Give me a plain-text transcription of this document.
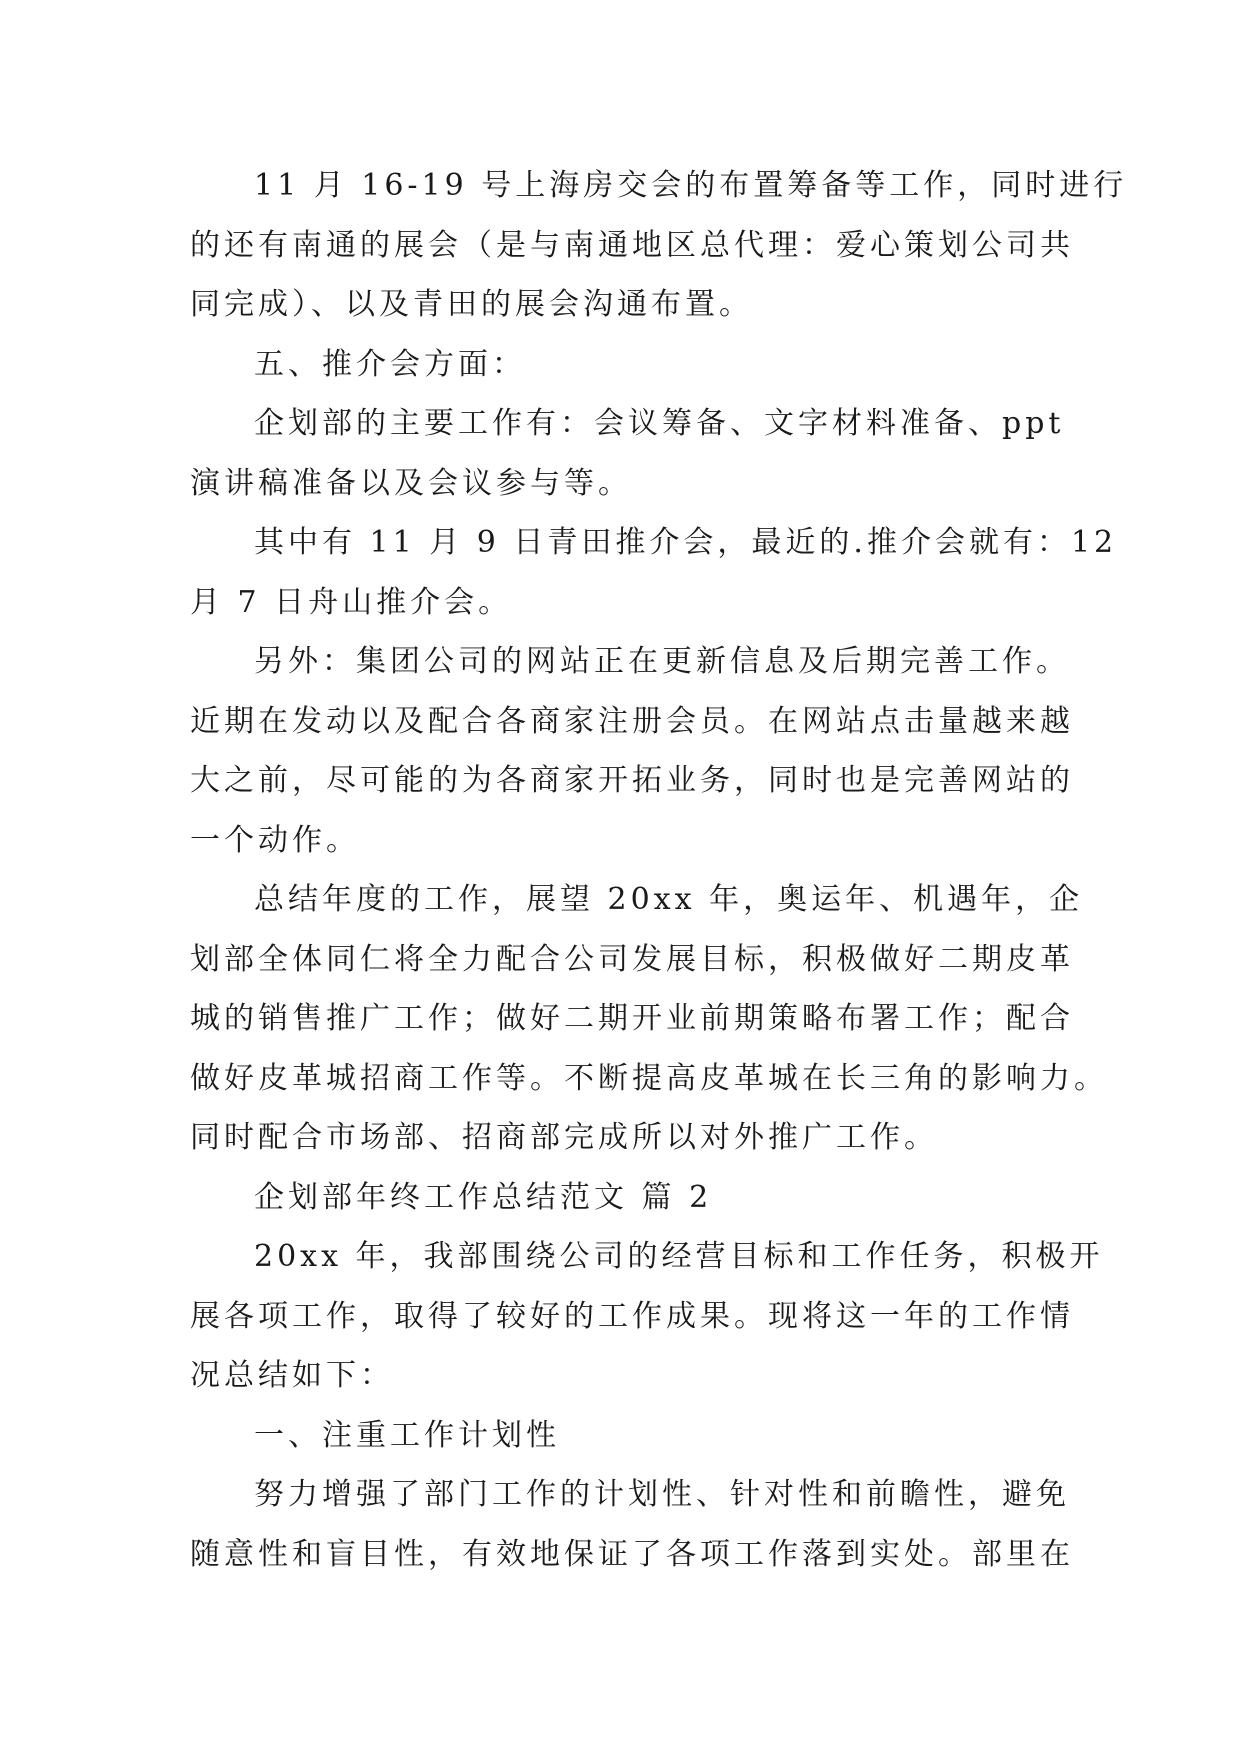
11 月 16-19 号上海房交会的布置筹备等工作，同时进行
的还有南通的展会（是与南通地区总代理：爱心策划公司共
同完成）、以及青田的展会沟通布置。
五、推介会方面：
企划部的主要工作有：会议筹备、文字材料准备、ppt
演讲稿准备以及会议参与等。
其中有 11 月 9 日青田推介会，最近的.推介会就有：12
月 7 日舟山推介会。
另外：集团公司的网站正在更新信息及后期完善工作。
近期在发动以及配合各商家注册会员。在网站点击量越来越
大之前，尽可能的为各商家开拓业务，同时也是完善网站的
一个动作。
总结年度的工作，展望 20xx 年，奥运年、机遇年，企
划部全体同仁将全力配合公司发展目标，积极做好二期皮革
城的销售推广工作；做好二期开业前期策略布署工作；配合
做好皮革城招商工作等。不断提高皮革城在长三角的影响力。
同时配合市场部、招商部完成所以对外推广工作。
企划部年终工作总结范文 篇 2
20xx 年，我部围绕公司的经营目标和工作任务，积极开
展各项工作，取得了较好的工作成果。现将这一年的工作情
况总结如下：
一、注重工作计划性
努力增强了部门工作的计划性、针对性和前瞻性，避免
随意性和盲目性，有效地保证了各项工作落到实处。部里在
